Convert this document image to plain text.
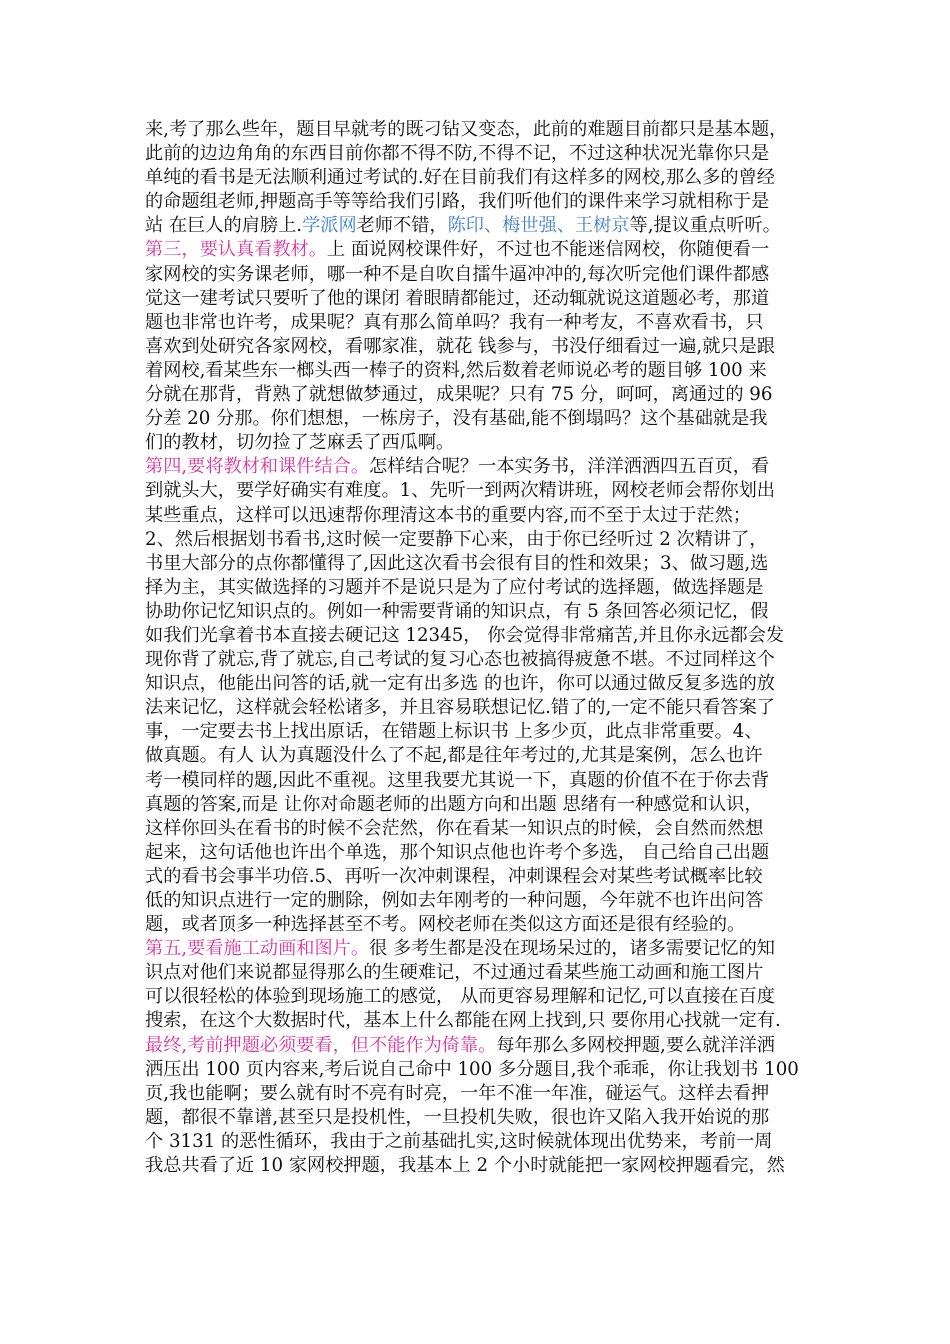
来,考了那么些年，题目早就考的既刁钻又变态，此前的难题目前都只是基本题，
此前的边边角角的东西目前你都不得不防,不得不记，不过这种状况光靠你只是
单纯的看书是无法顺利通过考试的.好在目前我们有这样多的网校,那么多的曾经
的命题组老师,押题高手等等给我们引路，我们听他们的课件来学习就相称于是
站 在巨人的肩膀上.学派网老师不错，陈印、梅世强、王树京等,提议重点听听。
第三，要认真看教材。上 面说网校课件好，不过也不能迷信网校，你随便看一
家网校的实务课老师，哪一种不是自吹自擂牛逼冲冲的,每次听完他们课件都感
觉这一建考试只要听了他的课闭 着眼睛都能过，还动辄就说这道题必考，那道
题也非常也许考，成果呢？真有那么简单吗？我有一种考友，不喜欢看书，只
喜欢到处研究各家网校，看哪家准，就花 钱参与，书没仔细看过一遍,就只是跟
着网校,看某些东一榔头西一棒子的资料,然后数着老师说必考的题目够 100 来
分就在那背，背熟了就想做梦通过，成果呢？只有 75 分，呵呵，离通过的 96
分差 20 分那。你们想想，一栋房子，没有基础,能不倒塌吗？这个基础就是我
们的教材，切勿捡了芝麻丢了西瓜啊。
第四,要将教材和课件结合。怎样结合呢？一本实务书，洋洋洒洒四五百页，看
到就头大，要学好确实有难度。1、先听一到两次精讲班，网校老师会帮你划出
某些重点，这样可以迅速帮你理清这本书的重要内容,而不至于太过于茫然；
2、然后根据划书看书,这时候一定要静下心来，由于你已经听过 2 次精讲了，
书里大部分的点你都懂得了,因此这次看书会很有目的性和效果；3、做习题,选
择为主，其实做选择的习题并不是说只是为了应付考试的选择题，做选择题是
协助你记忆知识点的。例如一种需要背诵的知识点，有 5 条回答必须记忆，假
如我们光拿着书本直接去硬记这 12345， 你会觉得非常痛苦,并且你永远都会发
现你背了就忘,背了就忘,自己考试的复习心态也被搞得疲惫不堪。不过同样这个
知识点，他能出问答的话,就一定有出多选 的也许，你可以通过做反复多选的放
法来记忆，这样就会轻松诸多，并且容易联想记忆.错了的,一定不能只看答案了
事，一定要去书上找出原话，在错题上标识书 上多少页，此点非常重要。4、
做真题。有人 认为真题没什么了不起,都是往年考过的,尤其是案例，怎么也许
考一模同样的题,因此不重视。这里我要尤其说一下，真题的价值不在于你去背
真题的答案,而是 让你对命题老师的出题方向和出题 思绪有一种感觉和认识，
这样你回头在看书的时候不会茫然，你在看某一知识点的时候，会自然而然想
起来，这句话他也许出个单选，那个知识点他也许考个多选， 自己给自己出题
式的看书会事半功倍.5、再听一次冲刺课程，冲刺课程会对某些考试概率比较
低的知识点进行一定的删除，例如去年刚考的一种问题，今年就不也许出问答
题，或者顶多一种选择甚至不考。网校老师在类似这方面还是很有经验的。
第五,要看施工动画和图片。很 多考生都是没在现场呆过的，诸多需要记忆的知
识点对他们来说都显得那么的生硬难记，不过通过看某些施工动画和施工图片
可以很轻松的体验到现场施工的感觉， 从而更容易理解和记忆,可以直接在百度
搜索，在这个大数据时代，基本上什么都能在网上找到,只 要你用心找就一定有.
最终,考前押题必须要看，但不能作为倚靠。每年那么多网校押题,要么就洋洋洒
洒压出 100 页内容来,考后说自己命中 100 多分题目,我个乖乖，你让我划书 100
页,我也能啊；要么就有时不亮有时亮，一年不准一年准，碰运气。这样去看押
题，都很不靠谱,甚至只是投机性，一旦投机失败，很也许又陷入我开始说的那
个 3131 的恶性循环，我由于之前基础扎实,这时候就体现出优势来，考前一周
我总共看了近 10 家网校押题，我基本上 2 个小时就能把一家网校押题看完，然
